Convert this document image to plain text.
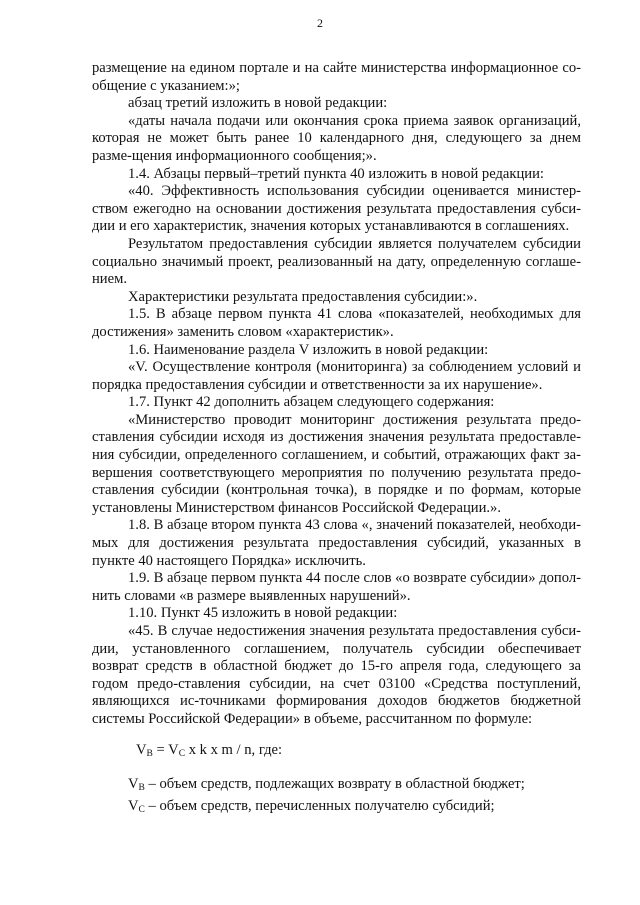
2

размещение на едином портале и на сайте министерства информационное со-общение с указанием:»;

абзац третий изложить в новой редакции:

«даты начала подачи или окончания срока приема заявок организаций, которая не может быть ранее 10 календарного дня, следующего за днем разме-щения информационного сообщения;».

1.4. Абзацы первый–третий пункта 40 изложить в новой редакции:

«40. Эффективность использования субсидии оценивается министер-ством ежегодно на основании достижения результата предоставления субси-дии и его характеристик, значения которых устанавливаются в соглашениях.

Результатом предоставления субсидии является получателем субсидии социально значимый проект, реализованный на дату, определенную соглаше-нием.

Характеристики результата предоставления субсидии:».

1.5. В абзаце первом пункта 41 слова «показателей, необходимых для достижения» заменить словом «характеристик».

1.6. Наименование раздела V изложить в новой редакции:

«V. Осуществление контроля (мониторинга) за соблюдением условий и порядка предоставления субсидии и ответственности за их нарушение».

1.7. Пункт 42 дополнить абзацем следующего содержания:

«Министерство проводит мониторинг достижения результата предо-ставления субсидии исходя из достижения значения результата предоставле-ния субсидии, определенного соглашением, и событий, отражающих факт за-вершения соответствующего мероприятия по получению результата предо-ставления субсидии (контрольная точка), в порядке и по формам, которые установлены Министерством финансов Российской Федерации.».

1.8. В абзаце втором пункта 43 слова «, значений показателей, необходи-мых для достижения результата предоставления субсидий, указанных в пункте 40 настоящего Порядка» исключить.

1.9. В абзаце первом пункта 44 после слов «о возврате субсидии» допол-нить словами «в размере выявленных нарушений».

1.10. Пункт 45 изложить в новой редакции:

«45. В случае недостижения значения результата предоставления субси-дии, установленного соглашением, получатель субсидии обеспечивает возврат средств в областной бюджет до 15-го апреля года, следующего за годом предо-ставления субсидии, на счет 03100 «Средства поступлений, являющихся ис-точниками формирования доходов бюджетов бюджетной системы Российской Федерации» в объеме, рассчитанном по формуле:

$V_B = V_C$ x k x m / n, где:

$V_B$ – объем средств, подлежащих возврату в областной бюджет;

$V_C$ – объем средств, перечисленных получателю субсидий;
